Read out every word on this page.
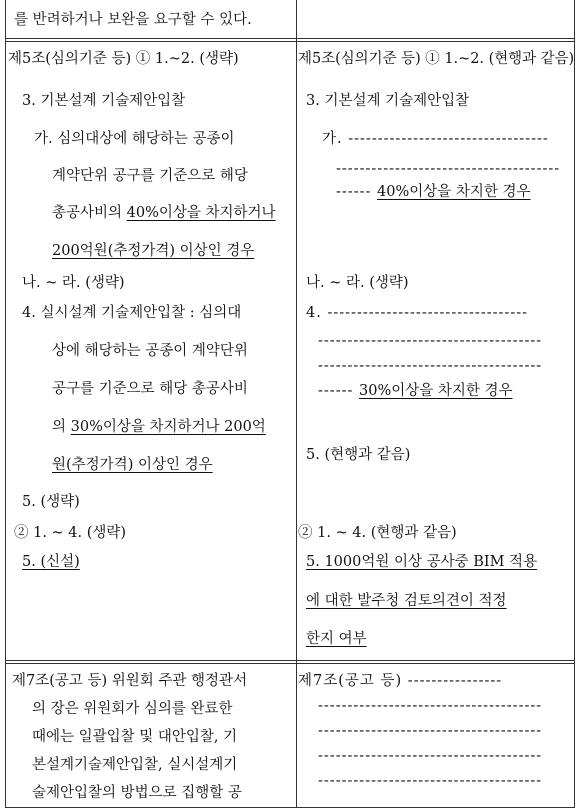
를 반려하거나 보완을 요구할 수 있다.
제5조(심의기준 등) ① 1.~2. (생략)
3. 기본설계 기술제안입찰
가. 심의대상에 해당하는 공종이
계약단위 공구를 기준으로 해당
총공사비의 40%이상을 차지하거나
200억원(추정가격) 이상인 경우
나. ~ 라. (생략)
4. 실시설계 기술제안입찰 : 심의대
상에 해당하는 공종이 계약단위
공구를 기준으로 해당 총공사비
의 30%이상을 차지하거나 200억
원(추정가격) 이상인 경우
5. (생략)
② 1. ~ 4. (생략)
5. (신설)
제5조(심의기준 등) ① 1.~2. (현행과 같음)
3. 기본설계 기술제안입찰
가. ----------------------------------
--------------------------------------
------ 40%이상을 차지한 경우
나. ~ 라. (생략)
4. ----------------------------------
--------------------------------------
--------------------------------------
------ 30%이상을 차지한 경우
5. (현행과 같음)
② 1. ~ 4. (현행과 같음)
5. 1000억원 이상 공사중 BIM 적용
에 대한 발주청 검토의견이 적정
한지 여부
제7조(공고 등) 위원회 주관 행정관서
의 장은 위원회가 심의를 완료한
때에는 일괄입찰 및 대안입찰, 기
본설계기술제안입찰, 실시설계기
술제안입찰의 방법으로 집행할 공
제7조(공고 등) ----------------
--------------------------------------
--------------------------------------
--------------------------------------
--------------------------------------
